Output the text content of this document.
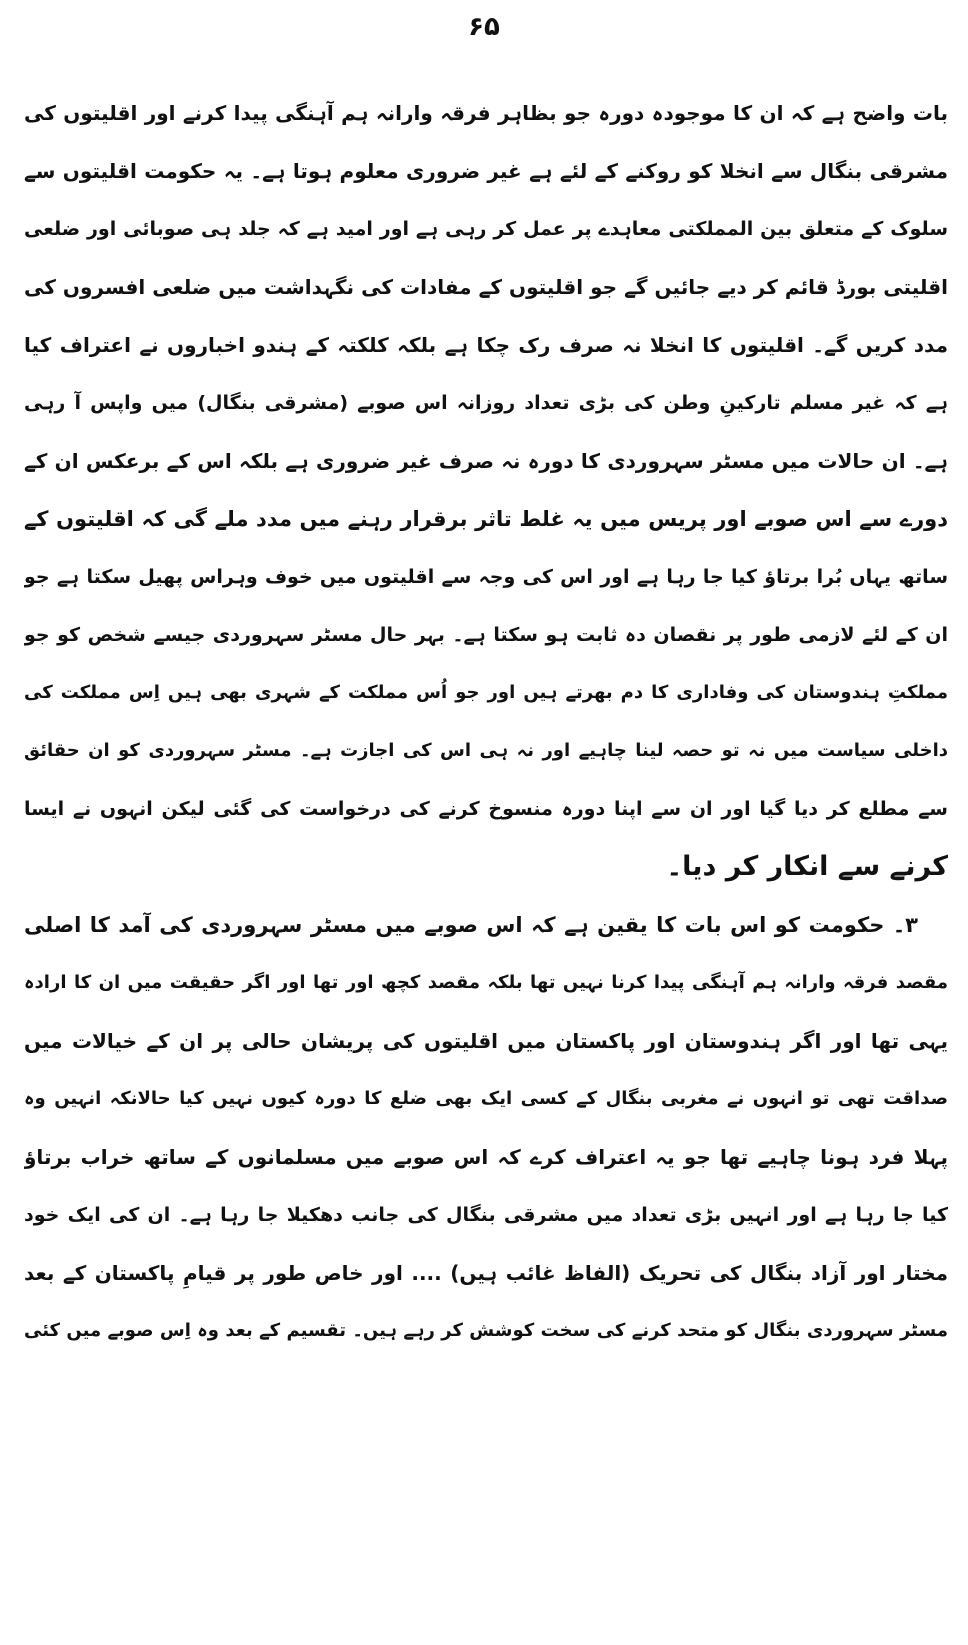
۶۵
بات واضح ہے کہ ان کا موجودہ دورہ جو بظاہر فرقہ وارانہ ہم آہنگی پیدا کرنے اور اقلیتوں کی
مشرقی بنگال سے انخلا کو روکنے کے لئے ہے غیر ضروری معلوم ہوتا ہے۔ یہ حکومت اقلیتوں سے
سلوک کے متعلق بین المملکتی معاہدے پر عمل کر رہی ہے اور امید ہے کہ جلد ہی صوبائی اور ضلعی
اقلیتی بورڈ قائم کر دیے جائیں گے جو اقلیتوں کے مفادات کی نگہداشت میں ضلعی افسروں کی
مدد کریں گے۔ اقلیتوں کا انخلا نہ صرف رک چکا ہے بلکہ کلکتہ کے ہندو اخباروں نے اعتراف کیا
ہے کہ غیر مسلم تارکینِ وطن کی بڑی تعداد روزانہ اس صوبے (مشرقی بنگال) میں واپس آ رہی
ہے۔ ان حالات میں مسٹر سہروردی کا دورہ نہ صرف غیر ضروری ہے بلکہ اس کے برعکس ان کے
دورے سے اس صوبے اور پریس میں یہ غلط تاثر برقرار رہنے میں مدد ملے گی کہ اقلیتوں کے
ساتھ یہاں بُرا برتاؤ کیا جا رہا ہے اور اس کی وجہ سے اقلیتوں میں خوف وہراس پھیل سکتا ہے جو
ان کے لئے لازمی طور پر نقصان دہ ثابت ہو سکتا ہے۔ بہر حال مسٹر سہروردی جیسے شخص کو جو
مملکتِ ہندوستان کی وفاداری کا دم بھرتے ہیں اور جو اُس مملکت کے شہری بھی ہیں اِس مملکت کی
داخلی سیاست میں نہ تو حصہ لینا چاہیے اور نہ ہی اس کی اجازت ہے۔ مسٹر سہروردی کو ان حقائق
سے مطلع کر دیا گیا اور ان سے اپنا دورہ منسوخ کرنے کی درخواست کی گئی لیکن انہوں نے ایسا
کرنے سے انکار کر دیا۔
۳۔ حکومت کو اس بات کا یقین ہے کہ اس صوبے میں مسٹر سہروردی کی آمد کا اصلی
مقصد فرقہ وارانہ ہم آہنگی پیدا کرنا نہیں تھا بلکہ مقصد کچھ اور تھا اور اگر حقیقت میں ان کا ارادہ
یہی تھا اور اگر ہندوستان اور پاکستان میں اقلیتوں کی پریشان حالی پر ان کے خیالات میں
صداقت تھی تو انہوں نے مغربی بنگال کے کسی ایک بھی ضلع کا دورہ کیوں نہیں کیا حالانکہ انہیں وہ
پہلا فرد ہونا چاہیے تھا جو یہ اعتراف کرے کہ اس صوبے میں مسلمانوں کے ساتھ خراب برتاؤ
کیا جا رہا ہے اور انہیں بڑی تعداد میں مشرقی بنگال کی جانب دھکیلا جا رہا ہے۔ ان کی ایک خود
مختار اور آزاد بنگال کی تحریک (الفاظ غائب ہیں) .... اور خاص طور پر قیامِ پاکستان کے بعد
مسٹر سہروردی بنگال کو متحد کرنے کی سخت کوشش کر رہے ہیں۔ تقسیم کے بعد وہ اِس صوبے میں کئی
